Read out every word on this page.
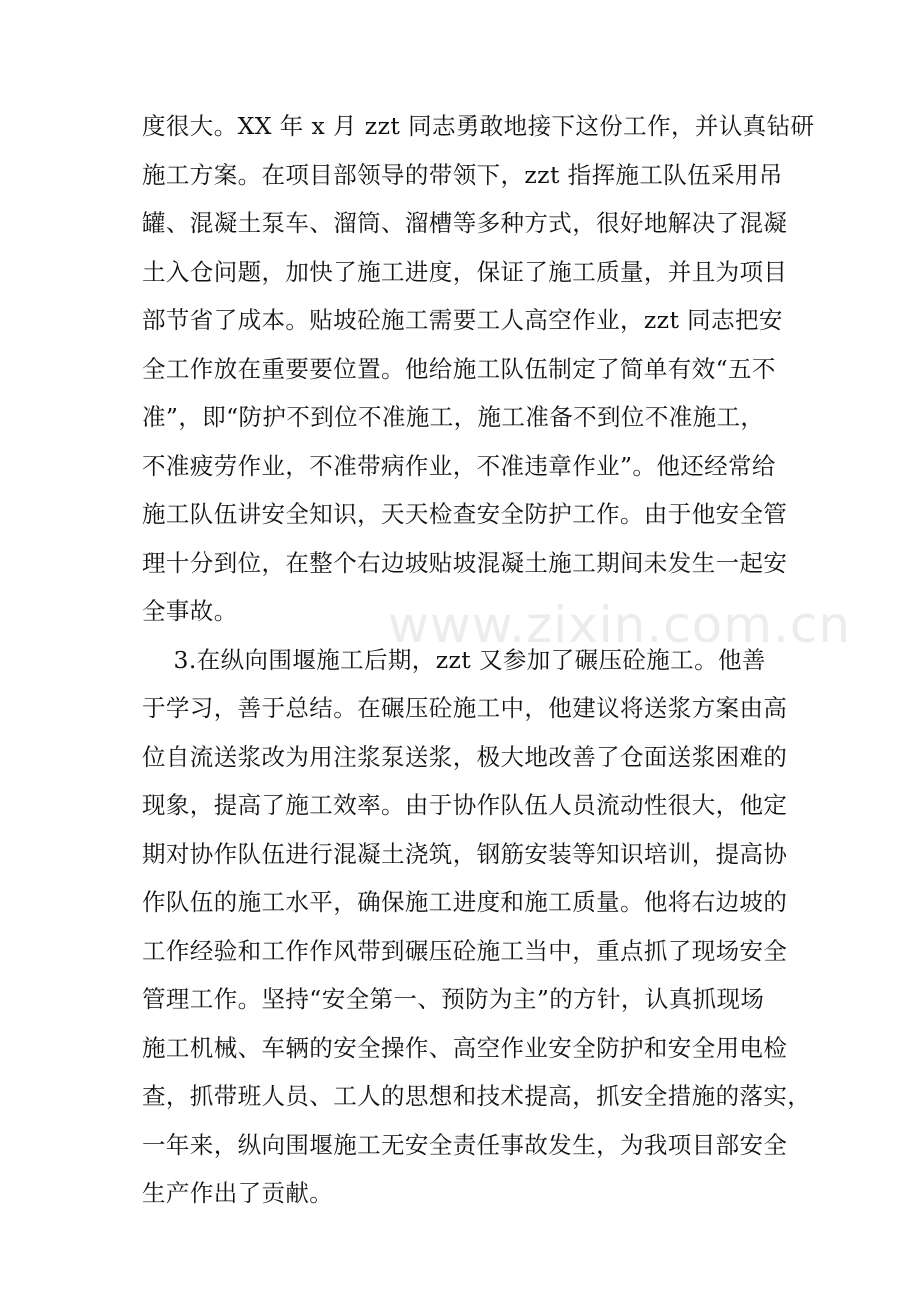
www.zixin.com.cn
度很大。XX 年 x 月 zzt 同志勇敢地接下这份工作，并认真钻研
施工方案。在项目部领导的带领下，zzt 指挥施工队伍采用吊
罐、混凝土泵车、溜筒、溜槽等多种方式，很好地解决了混凝
土入仓问题，加快了施工进度，保证了施工质量，并且为项目
部节省了成本。贴坡砼施工需要工人高空作业，zzt 同志把安
全工作放在重要要位置。他给施工队伍制定了简单有效“五不
准”，即“防护不到位不准施工，施工准备不到位不准施工，
不准疲劳作业，不准带病作业，不准违章作业”。他还经常给
施工队伍讲安全知识，天天检查安全防护工作。由于他安全管
理十分到位，在整个右边坡贴坡混凝土施工期间未发生一起安
全事故。
3.在纵向围堰施工后期，zzt 又参加了碾压砼施工。他善
于学习，善于总结。在碾压砼施工中，他建议将送浆方案由高
位自流送浆改为用注浆泵送浆，极大地改善了仓面送浆困难的
现象，提高了施工效率。由于协作队伍人员流动性很大，他定
期对协作队伍进行混凝土浇筑，钢筋安装等知识培训，提高协
作队伍的施工水平，确保施工进度和施工质量。他将右边坡的
工作经验和工作作风带到碾压砼施工当中，重点抓了现场安全
管理工作。坚持“安全第一、预防为主”的方针，认真抓现场
施工机械、车辆的安全操作、高空作业安全防护和安全用电检
查，抓带班人员、工人的思想和技术提高，抓安全措施的落实，
一年来，纵向围堰施工无安全责任事故发生，为我项目部安全
生产作出了贡献。
